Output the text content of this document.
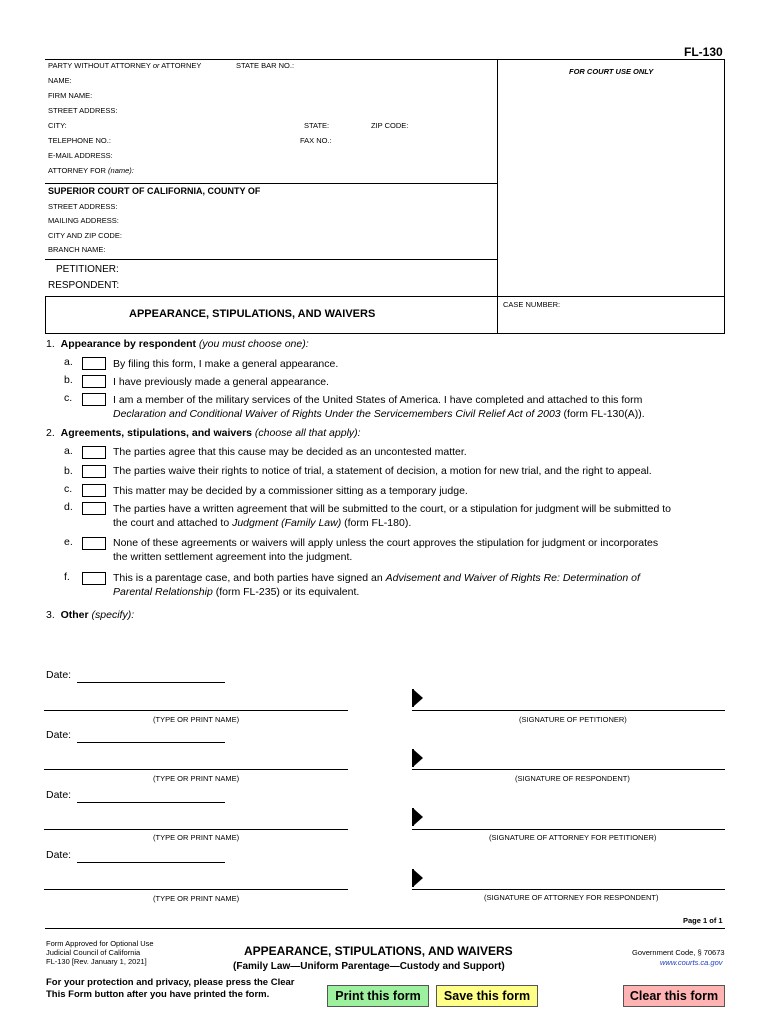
FL-130
PARTY WITHOUT ATTORNEY or ATTORNEY	STATE BAR NO.:
FOR COURT USE ONLY
NAME:
FIRM NAME:
STREET ADDRESS:
CITY:	STATE:	ZIP CODE:
TELEPHONE NO.:	FAX NO.:
E-MAIL ADDRESS:
ATTORNEY FOR (name):
SUPERIOR COURT OF CALIFORNIA, COUNTY OF
STREET ADDRESS:
MAILING ADDRESS:
CITY AND ZIP CODE:
BRANCH NAME:
PETITIONER:
RESPONDENT:
APPEARANCE, STIPULATIONS, AND WAIVERS
CASE NUMBER:
1. Appearance by respondent (you must choose one):
a.	By filing this form, I make a general appearance.
b.	I have previously made a general appearance.
c.	I am a member of the military services of the United States of America. I have completed and attached to this form
Declaration and Conditional Waiver of Rights Under the Servicemembers Civil Relief Act of 2003 (form FL-130(A)).
2. Agreements, stipulations, and waivers (choose all that apply):
a.	The parties agree that this cause may be decided as an uncontested matter.
b.	The parties waive their rights to notice of trial, a statement of decision, a motion for new trial, and the right to appeal.
c.	This matter may be decided by a commissioner sitting as a temporary judge.
d.	The parties have a written agreement that will be submitted to the court, or a stipulation for judgment will be submitted to
the court and attached to Judgment (Family Law) (form FL-180).
e.	None of these agreements or waivers will apply unless the court approves the stipulation for judgment or incorporates
the written settlement agreement into the judgment.
f.	This is a parentage case, and both parties have signed an Advisement and Waiver of Rights Re: Determination of
Parental Relationship (form FL-235) or its equivalent.
3. Other (specify):
Date:
(TYPE OR PRINT NAME)	(SIGNATURE OF PETITIONER)
Date:
(TYPE OR PRINT NAME)	(SIGNATURE OF RESPONDENT)
Date:
(TYPE OR PRINT NAME)	(SIGNATURE OF ATTORNEY FOR PETITIONER)
Date:
(TYPE OR PRINT NAME)	(SIGNATURE OF ATTORNEY FOR RESPONDENT)
Page 1 of 1
Form Approved for Optional Use
Judicial Council of California
FL-130 [Rev. January 1, 2021]
APPEARANCE, STIPULATIONS, AND WAIVERS
(Family Law—Uniform Parentage—Custody and Support)
Government Code, § 70673
www.courts.ca.gov
For your protection and privacy, please press the Clear
This Form button after you have printed the form.	Print this form	Save this form	Clear this form
